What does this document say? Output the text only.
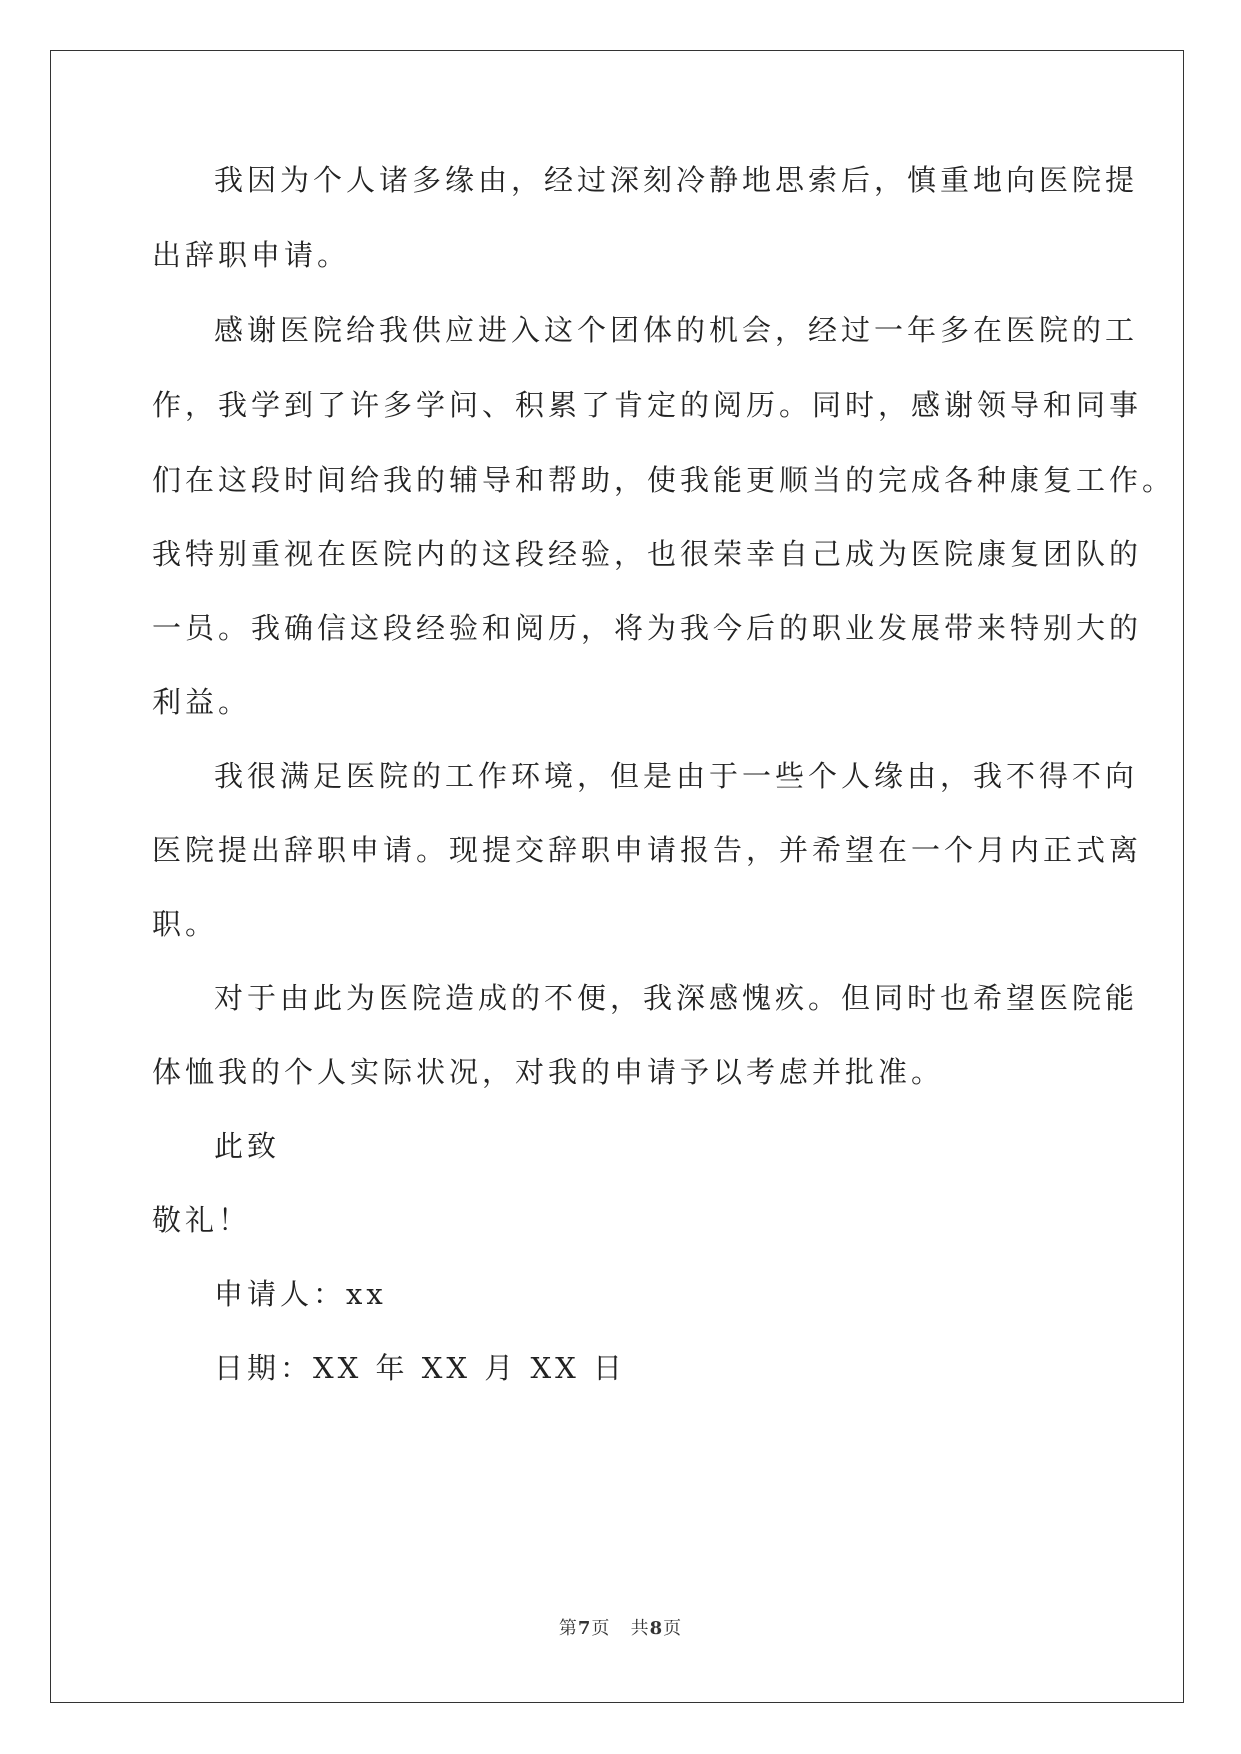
我因为个人诸多缘由，经过深刻冷静地思索后，慎重地向医院提
出辞职申请。
感谢医院给我供应进入这个团体的机会，经过一年多在医院的工
作，我学到了许多学问、积累了肯定的阅历。同时，感谢领导和同事
们在这段时间给我的辅导和帮助，使我能更顺当的完成各种康复工作。
我特别重视在医院内的这段经验，也很荣幸自己成为医院康复团队的
一员。我确信这段经验和阅历，将为我今后的职业发展带来特别大的
利益。
我很满足医院的工作环境，但是由于一些个人缘由，我不得不向
医院提出辞职申请。现提交辞职申请报告，并希望在一个月内正式离
职。
对于由此为医院造成的不便，我深感愧疚。但同时也希望医院能
体恤我的个人实际状况，对我的申请予以考虑并批准。
此致
敬礼！
申请人：xx
日期：XX 年 XX 月 XX 日
第7页   共8页
